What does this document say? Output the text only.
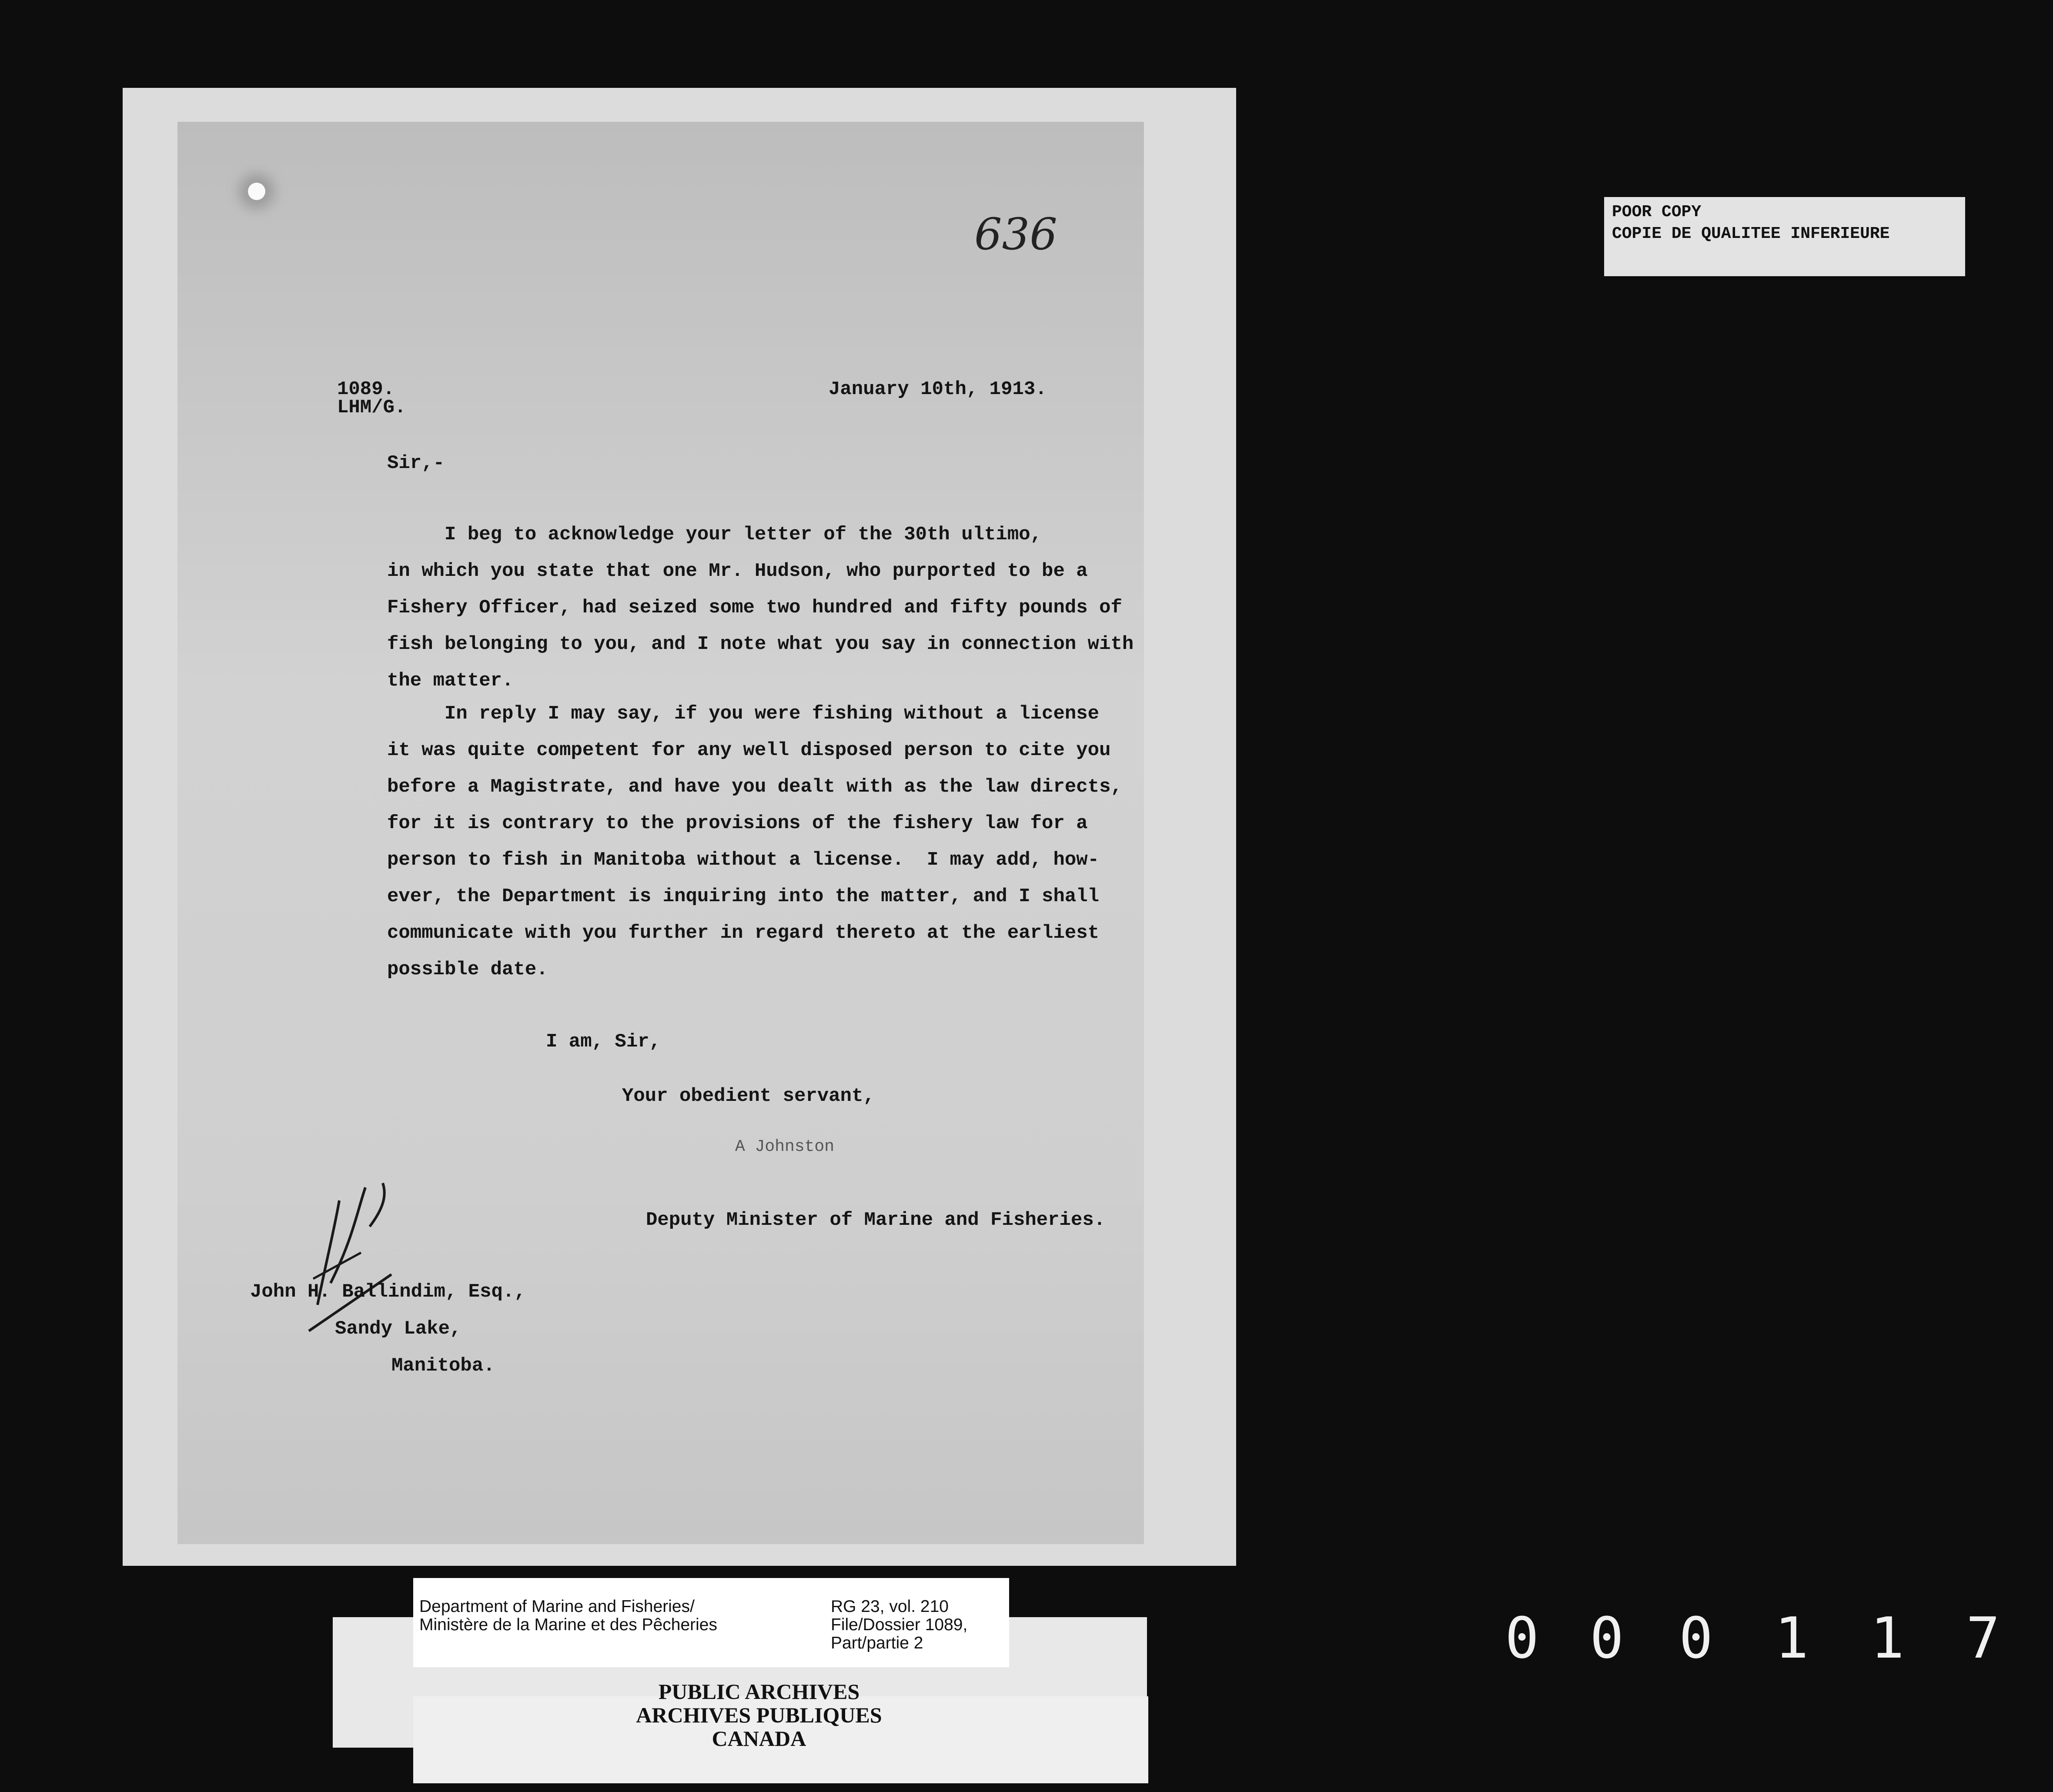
636
1089.
LHM/G.
January 10th, 1913.
Sir,-
I beg to acknowledge your letter of the 30th ultimo,
in which you state that one Mr. Hudson, who purported to be a
Fishery Officer, had seized some two hundred and fifty pounds of
fish belonging to you, and I note what you say in connection with
the matter.
In reply I may say, if you were fishing without a license
it was quite competent for any well disposed person to cite you
before a Magistrate, and have you dealt with as the law directs,
for it is contrary to the provisions of the fishery law for a
person to fish in Manitoba without a license.  I may add, how-
ever, the Department is inquiring into the matter, and I shall
communicate with you further in regard thereto at the earliest
possible date.
I am, Sir,
Your obedient servant,
A Johnston
Deputy Minister of Marine and Fisheries.
John H. Ballindim, Esq.,
Sandy Lake,
Manitoba.
POOR COPY
COPIE DE QUALITEE INFERIEURE
Department of Marine and Fisheries/
Ministère de la Marine et des Pêcheries
RG 23, vol. 210
File/Dossier 1089,
Part/partie 2
PUBLIC ARCHIVES
ARCHIVES PUBLIQUES
CANADA
0 0 0 1 1 7
